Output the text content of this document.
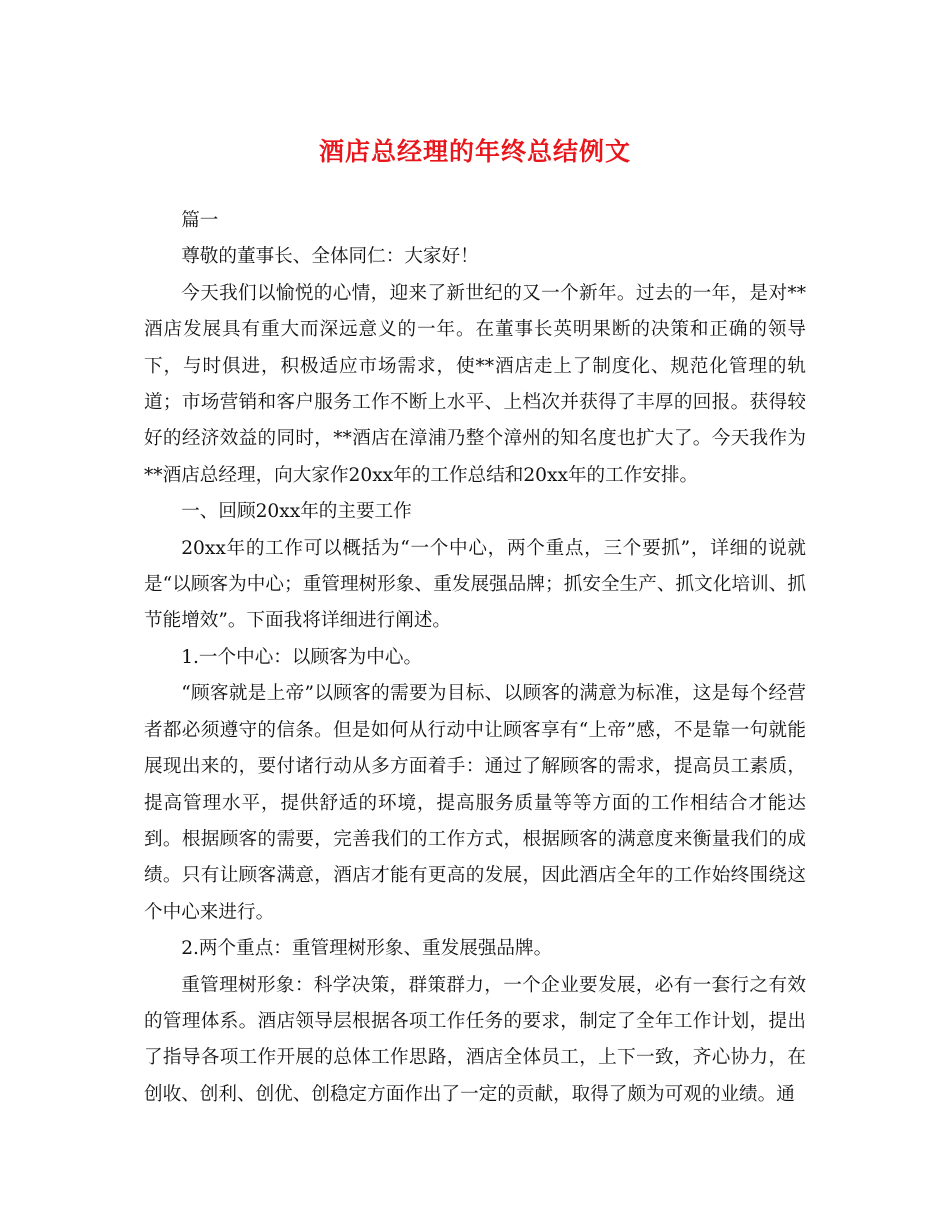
酒店总经理的年终总结例文

篇一

尊敬的董事长、全体同仁：大家好！

今天我们以愉悦的心情，迎来了新世纪的又一个新年。过去的一年，是对**酒店发展具有重大而深远意义的一年。在董事长英明果断的决策和正确的领导下，与时俱进，积极适应市场需求，使**酒店走上了制度化、规范化管理的轨道；市场营销和客户服务工作不断上水平、上档次并获得了丰厚的回报。获得较好的经济效益的同时，**酒店在漳浦乃整个漳州的知名度也扩大了。今天我作为**酒店总经理，向大家作20xx年的工作总结和20xx年的工作安排。

一、回顾20xx年的主要工作

20xx年的工作可以概括为“一个中心，两个重点，三个要抓”，详细的说就是“以顾客为中心；重管理树形象、重发展强品牌；抓安全生产、抓文化培训、抓节能增效”。下面我将详细进行阐述。

1.一个中心：以顾客为中心。

“顾客就是上帝”以顾客的需要为目标、以顾客的满意为标准，这是每个经营者都必须遵守的信条。但是如何从行动中让顾客享有“上帝”感，不是靠一句就能展现出来的，要付诸行动从多方面着手：通过了解顾客的需求，提高员工素质，提高管理水平，提供舒适的环境，提高服务质量等等方面的工作相结合才能达到。根据顾客的需要，完善我们的工作方式，根据顾客的满意度来衡量我们的成绩。只有让顾客满意，酒店才能有更高的发展，因此酒店全年的工作始终围绕这个中心来进行。

2.两个重点：重管理树形象、重发展强品牌。

重管理树形象：科学决策，群策群力，一个企业要发展，必有一套行之有效的管理体系。酒店领导层根据各项工作任务的要求，制定了全年工作计划，提出了指导各项工作开展的总体工作思路，酒店全体员工，上下一致，齐心协力，在创收、创利、创优、创稳定方面作出了一定的贡献，取得了颇为可观的业绩。通
